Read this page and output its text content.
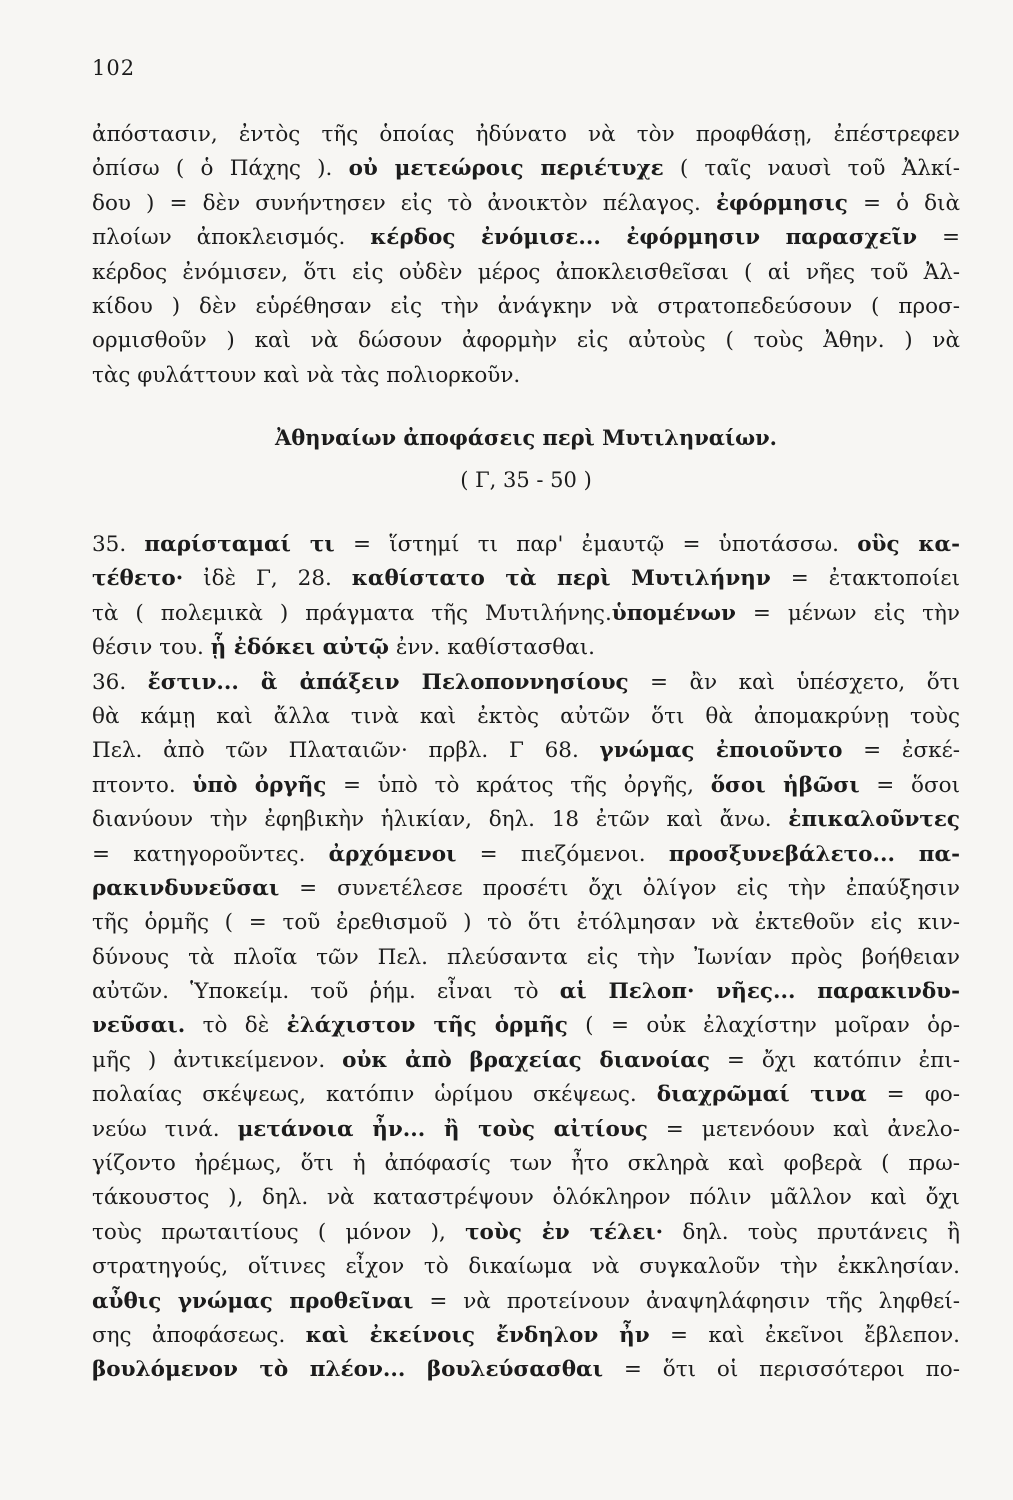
102
ἀπόστασιν, ἐντὸς τῆς ὁποίας ἠδύνατο νὰ τὸν προφθάσῃ, ἐπέστρεφεν
ὀπίσω ( ὁ Πάχης ). οὐ μετεώροις περιέτυχε ( ταῖς ναυσὶ τοῦ Ἀλκί-
δου ) = δὲν συνήντησεν εἰς τὸ ἀνοικτὸν πέλαγος. ἐφόρμησις = ὁ διὰ
πλοίων ἀποκλεισμός. κέρδος ἐνόμισε... ἐφόρμησιν παρασχεῖν =
κέρδος ἐνόμισεν, ὅτι εἰς οὐδὲν μέρος ἀποκλεισθεῖσαι ( αἱ νῆες τοῦ Ἀλ-
κίδου ) δὲν εὑρέθησαν εἰς τὴν ἀνάγκην νὰ στρατοπεδεύσουν ( προσ-
ορμισθοῦν ) καὶ νὰ δώσουν ἀφορμὴν εἰς αὐτοὺς ( τοὺς Ἀθην. ) νὰ
τὰς φυλάττουν καὶ νὰ τὰς πολιορκοῦν.
Ἀθηναίων ἀποφάσεις περὶ Μυτιληναίων.
( Γ, 35 - 50 )
35. παρίσταμαί τι = ἵστημί τι παρ' ἐμαυτῷ = ὑποτάσσω. οὓς κα-
τέθετο· ἰδὲ Γ, 28. καθίστατο τὰ περὶ Μυτιλήνην = ἐτακτοποίει
τὰ ( πολεμικὰ ) πράγματα τῆς Μυτιλήνης.ὑπομένων = μένων εἰς τὴν
θέσιν του. ᾗ ἐδόκει αὐτῷ ἐνν. καθίστασθαι.
36. ἔστιν... ἃ ἀπάξειν Πελοποννησίους = ἂν καὶ ὑπέσχετο, ὅτι
θὰ κάμῃ καὶ ἄλλα τινὰ καὶ ἐκτὸς αὐτῶν ὅτι θὰ ἀπομακρύνῃ τοὺς
Πελ. ἀπὸ τῶν Πλαταιῶν· πρβλ. Γ 68. γνώμας ἐποιοῦντο = ἐσκέ-
πτοντο. ὑπὸ ὀργῆς = ὑπὸ τὸ κράτος τῆς ὀργῆς, ὅσοι ἡβῶσι = ὅσοι
διανύουν τὴν ἐφηβικὴν ἡλικίαν, δηλ. 18 ἐτῶν καὶ ἄνω. ἐπικαλοῦντες
= κατηγοροῦντες. ἀρχόμενοι = πιεζόμενοι. προσξυνεβάλετο... πα-
ρακινδυνεῦσαι = συνετέλεσε προσέτι ὄχι ὀλίγον εἰς τὴν ἐπαύξησιν
τῆς ὁρμῆς ( = τοῦ ἐρεθισμοῦ ) τὸ ὅτι ἐτόλμησαν νὰ ἐκτεθοῦν εἰς κιν-
δύνους τὰ πλοῖα τῶν Πελ. πλεύσαντα εἰς τὴν Ἰωνίαν πρὸς βοήθειαν
αὐτῶν. Ὑποκείμ. τοῦ ῥήμ. εἶναι τὸ αἱ Πελοπ· νῆες... παρακινδυ-
νεῦσαι. τὸ δὲ ἐλάχιστον τῆς ὁρμῆς ( = οὐκ ἐλαχίστην μοῖραν ὁρ-
μῆς ) ἀντικείμενον. οὐκ ἀπὸ βραχείας διανοίας = ὄχι κατόπιν ἐπι-
πολαίας σκέψεως, κατόπιν ὡρίμου σκέψεως. διαχρῶμαί τινα = φο-
νεύω τινά. μετάνοια ἦν... ἢ τοὺς αἰτίους = μετενόουν καὶ ἀνελο-
γίζοντο ἠρέμως, ὅτι ἡ ἀπόφασίς των ἦτο σκληρὰ καὶ φοβερὰ ( πρω-
τάκουστος ), δηλ. νὰ καταστρέψουν ὁλόκληρον πόλιν μᾶλλον καὶ ὄχι
τοὺς πρωταιτίους ( μόνον ), τοὺς ἐν τέλει· δηλ. τοὺς πρυτάνεις ἢ
στρατηγούς, οἵτινες εἶχον τὸ δικαίωμα νὰ συγκαλοῦν τὴν ἐκκλησίαν.
αὖθις γνώμας προθεῖναι = νὰ προτείνουν ἀναψηλάφησιν τῆς ληφθεί-
σης ἀποφάσεως. καὶ ἐκείνοις ἔνδηλον ἦν = καὶ ἐκεῖνοι ἔβλεπον.
βουλόμενον τὸ πλέον... βουλεύσασθαι = ὅτι οἱ περισσότεροι πο-
